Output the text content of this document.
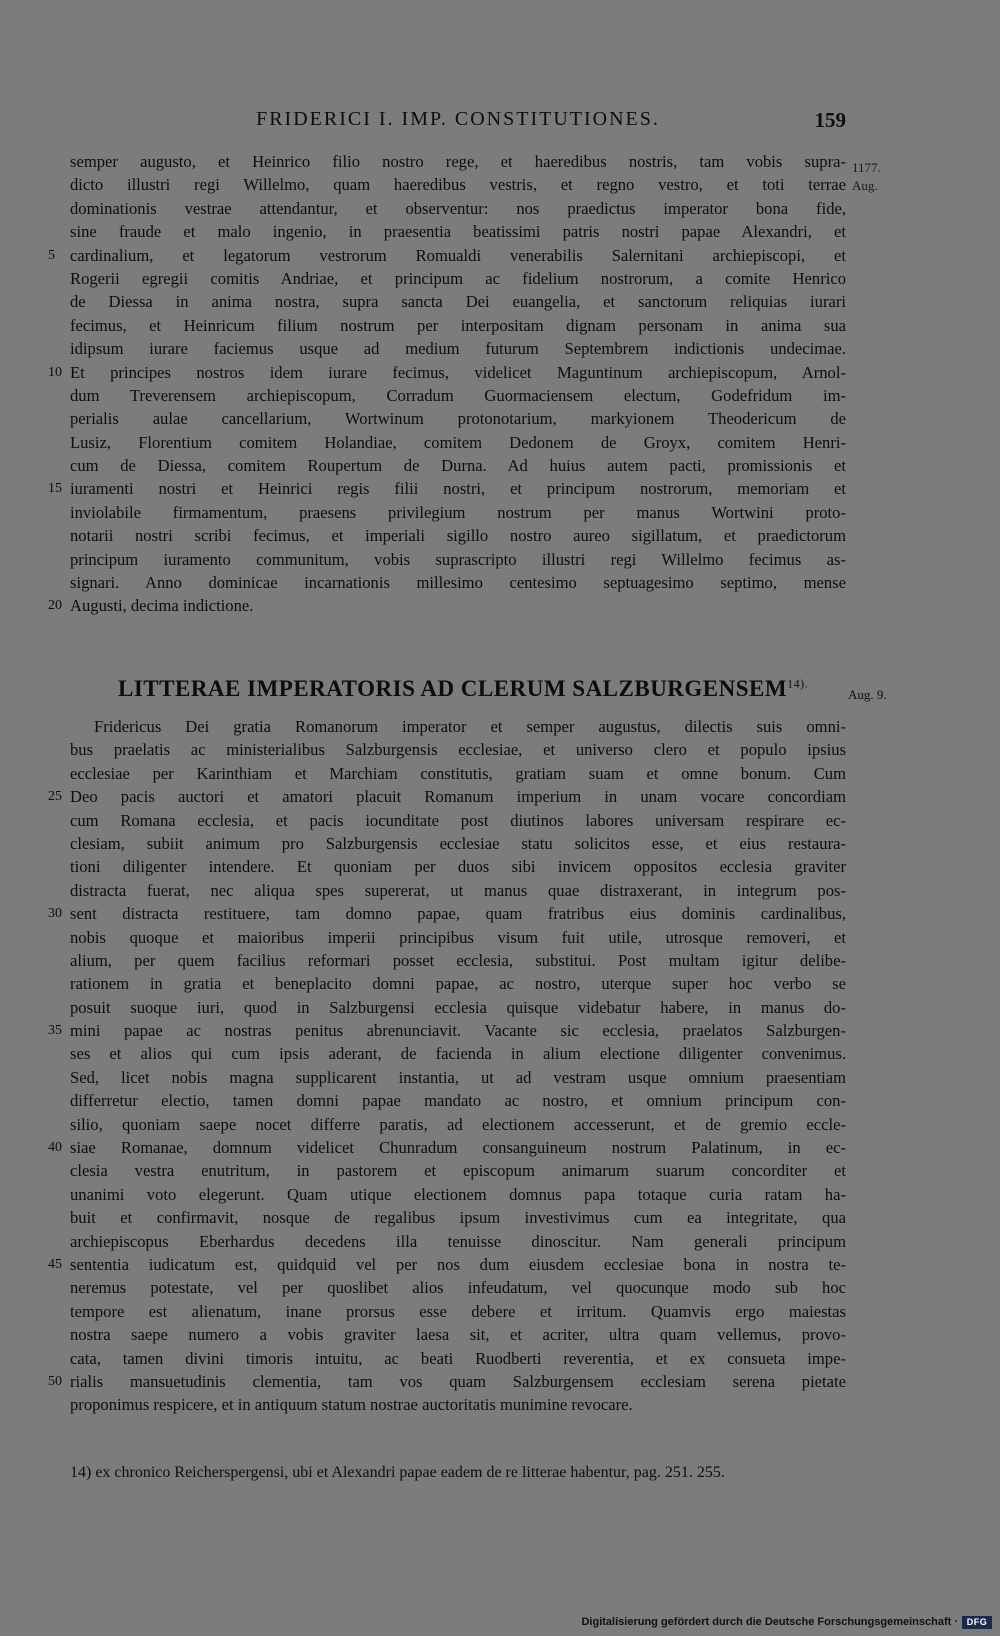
FRIDERICI I. IMP. CONSTITUTIONES.	159
1177.
Aug.
semper augusto, et Heinrico filio nostro rege, et haeredibus nostris, tam vobis supra-
dicto illustri regi Willelmo, quam haeredibus vestris, et regno vestro, et toti terrae
dominationis vestrae attendantur, et observentur: nos praedictus imperator bona fide,
sine fraude et malo ingenio, in praesentia beatissimi patris nostri papae Alexandri, et
5 cardinalium, et legatorum vestrorum Romualdi venerabilis Salernitani archiepiscopi, et
Rogerii egregii comitis Andriae, et principum ac fidelium nostrorum, a comite Henrico
de Diessa in anima nostra, supra sancta Dei euangelia, et sanctorum reliquias iurari
fecimus, et Heinricum filium nostrum per interpositam dignam personam in anima sua
idipsum iurare faciemus usque ad medium futurum Septembrem indictionis undecimae.
10 Et principes nostros idem iurare fecimus, videlicet Maguntinum archiepiscopum, Arnol-
dum Treverensem archiepiscopum, Corradum Guormaciensem electum, Godefridum im-
perialis aulae cancellarium, Wortwinum protonotarium, markyionem Theodericum de
Lusiz, Florentium comitem Holandiae, comitem Dedonem de Groyx, comitem Henri-
cum de Diessa, comitem Roupertum de Durna. Ad huius autem pacti, promissionis et
15 iuramenti nostri et Heinrici regis filii nostri, et principum nostrorum, memoriam et
inviolabile firmamentum, praesens privilegium nostrum per manus Wortwini proto-
notarii nostri scribi fecimus, et imperiali sigillo nostro aureo sigillatum, et praedictorum
principum iuramento communitum, vobis suprascripto illustri regi Willelmo fecimus as-
signari. Anno dominicae incarnationis millesimo centesimo septuagesimo septimo, mense
20 Augusti, decima indictione.
LITTERAE IMPERATORIS AD CLERUM $SALZBURGENSEM^{14).}$
Aug. 9.
Fridericus Dei gratia Romanorum imperator et semper augustus, dilectis suis omni-
bus praelatis ac ministerialibus Salzburgensis ecclesiae, et universo clero et populo ipsius
ecclesiae per Karinthiam et Marchiam constitutis, gratiam suam et omne bonum. Cum
25 Deo pacis auctori et amatori placuit Romanum imperium in unam vocare concordiam
cum Romana ecclesia, et pacis iocunditate post diutinos labores universam respirare ec-
clesiam, subiit animum pro Salzburgensis ecclesiae statu solicitos esse, et eius restaura-
tioni diligenter intendere. Et quoniam per duos sibi invicem oppositos ecclesia graviter
distracta fuerat, nec aliqua spes supererat, ut manus quae distraxerant, in integrum pos-
30 sent distracta restituere, tam domno papae, quam fratribus eius dominis cardinalibus,
nobis quoque et maioribus imperii principibus visum fuit utile, utrosque removeri, et
alium, per quem facilius reformari posset ecclesia, substitui. Post multam igitur delibe-
rationem in gratia et beneplacito domni papae, ac nostro, uterque super hoc verbo se
posuit suoque iuri, quod in Salzburgensi ecclesia quisque videbatur habere, in manus do-
35 mini papae ac nostras penitus abrenunciavit. Vacante sic ecclesia, praelatos Salzburgen-
ses et alios qui cum ipsis aderant, de facienda in alium electione diligenter convenimus.
Sed, licet nobis magna supplicarent instantia, ut ad vestram usque omnium praesentiam
differretur electio, tamen domni papae mandato ac nostro, et omnium principum con-
silio, quoniam saepe nocet differre paratis, ad electionem accesserunt, et de gremio eccle-
40 siae Romanae, domnum videlicet Chunradum consanguineum nostrum Palatinum, in ec-
clesia vestra enutritum, in pastorem et episcopum animarum suarum concorditer et
unanimi voto elegerunt. Quam utique electionem domnus papa totaque curia ratam ha-
buit et confirmavit, nosque de regalibus ipsum investivimus cum ea integritate, qua
archiepiscopus Eberhardus decedens illa tenuisse dinoscitur. Nam generali principum
45 sententia iudicatum est, quidquid vel per nos dum eiusdem ecclesiae bona in nostra te-
neremus potestate, vel per quoslibet alios infeudatum, vel quocunque modo sub hoc
tempore est alienatum, inane prorsus esse debere et irritum. Quamvis ergo maiestas
nostra saepe numero a vobis graviter laesa sit, et acriter, ultra quam vellemus, provo-
cata, tamen divini timoris intuitu, ac beati Ruodberti reverentia, et ex consueta impe-
50 rialis mansuetudinis clementia, tam vos quam Salzburgensem ecclesiam serena pietate
proponimus respicere, et in antiquum statum nostrae auctoritatis munimine revocare.
14) ex chronico Reicherspergensi, ubi et Alexandri papae eadem de re litterae habentur, pag. 251. 255.
Digitalisierung gefördert durch die Deutsche Forschungsgemeinschaft · DFG
